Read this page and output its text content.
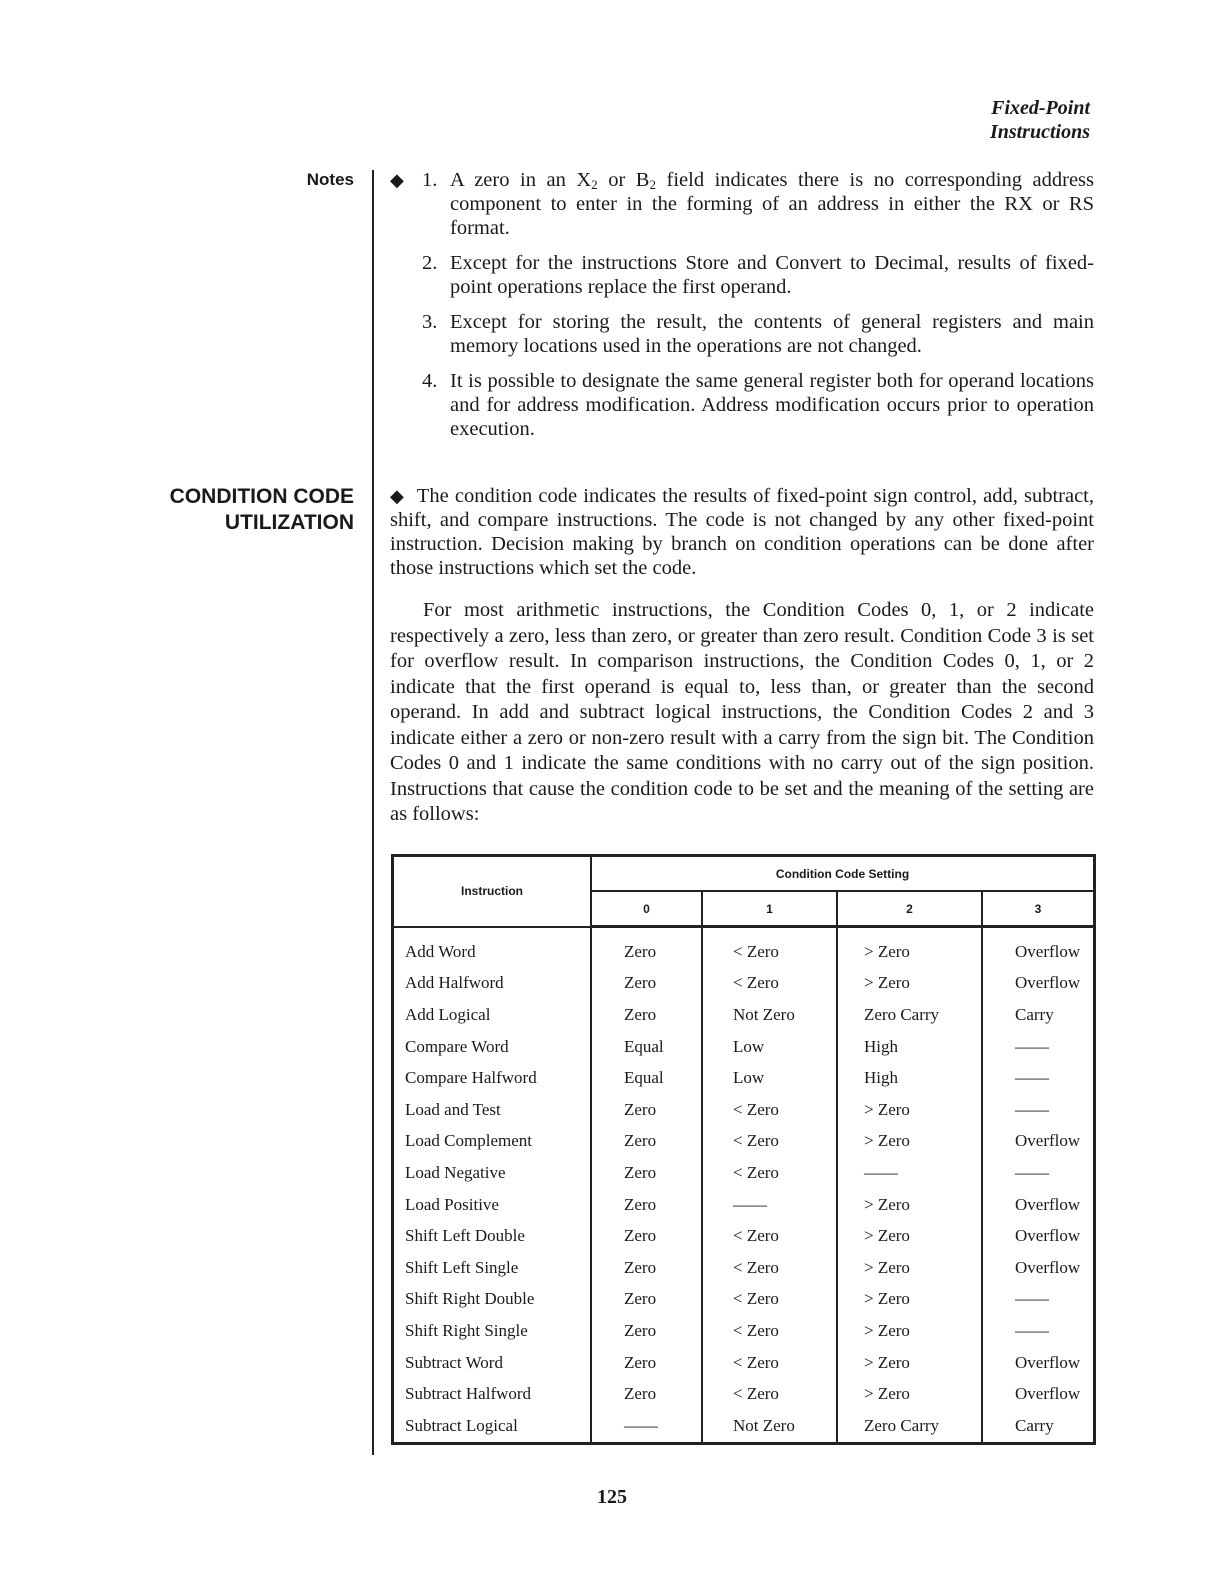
Fixed-Point
Instructions
Notes ◆ 1. A zero in an $X_2$ or $B_2$ field indicates there is no corresponding address component to enter in the forming of an address in either the RX or RS format.
2. Except for the instructions Store and Convert to Decimal, results of fixed-point operations replace the first operand.
3. Except for storing the result, the contents of general registers and main memory locations used in the operations are not changed.
4. It is possible to designate the same general register both for operand locations and for address modification. Address modification occurs prior to operation execution.
CONDITION CODE
UTILIZATION

◆ The condition code indicates the results of fixed-point sign control, add, subtract, shift, and compare instructions. The code is not changed by any other fixed-point instruction. Decision making by branch on condition operations can be done after those instructions which set the code.

For most arithmetic instructions, the Condition Codes 0, 1, or 2 indicate respectively a zero, less than zero, or greater than zero result. Condition Code 3 is set for overflow result. In comparison instructions, the Condition Codes 0, 1, or 2 indicate that the first operand is equal to, less than, or greater than the second operand. In add and subtract logical instructions, the Condition Codes 2 and 3 indicate either a zero or non-zero result with a carry from the sign bit. The Condition Codes 0 and 1 indicate the same conditions with no carry out of the sign position. Instructions that cause the condition code to be set and the meaning of the setting are as follows:

Instruction	Condition Code Setting			
	0	1	2	3
Add Word	Zero	< Zero	> Zero	Overflow
Add Halfword	Zero	< Zero	> Zero	Overflow
Add Logical	Zero	Not Zero	Zero Carry	Carry
Compare Word	Equal	Low	High	——
Compare Halfword	Equal	Low	High	——
Load and Test	Zero	< Zero	> Zero	——
Load Complement	Zero	< Zero	> Zero	Overflow
Load Negative	Zero	< Zero	——	——
Load Positive	Zero	——	> Zero	Overflow
Shift Left Double	Zero	< Zero	> Zero	Overflow
Shift Left Single	Zero	< Zero	> Zero	Overflow
Shift Right Double	Zero	< Zero	> Zero	——
Shift Right Single	Zero	< Zero	> Zero	——
Subtract Word	Zero	< Zero	> Zero	Overflow
Subtract Halfword	Zero	< Zero	> Zero	Overflow
Subtract Logical	——	Not Zero	Zero Carry	Carry
125
